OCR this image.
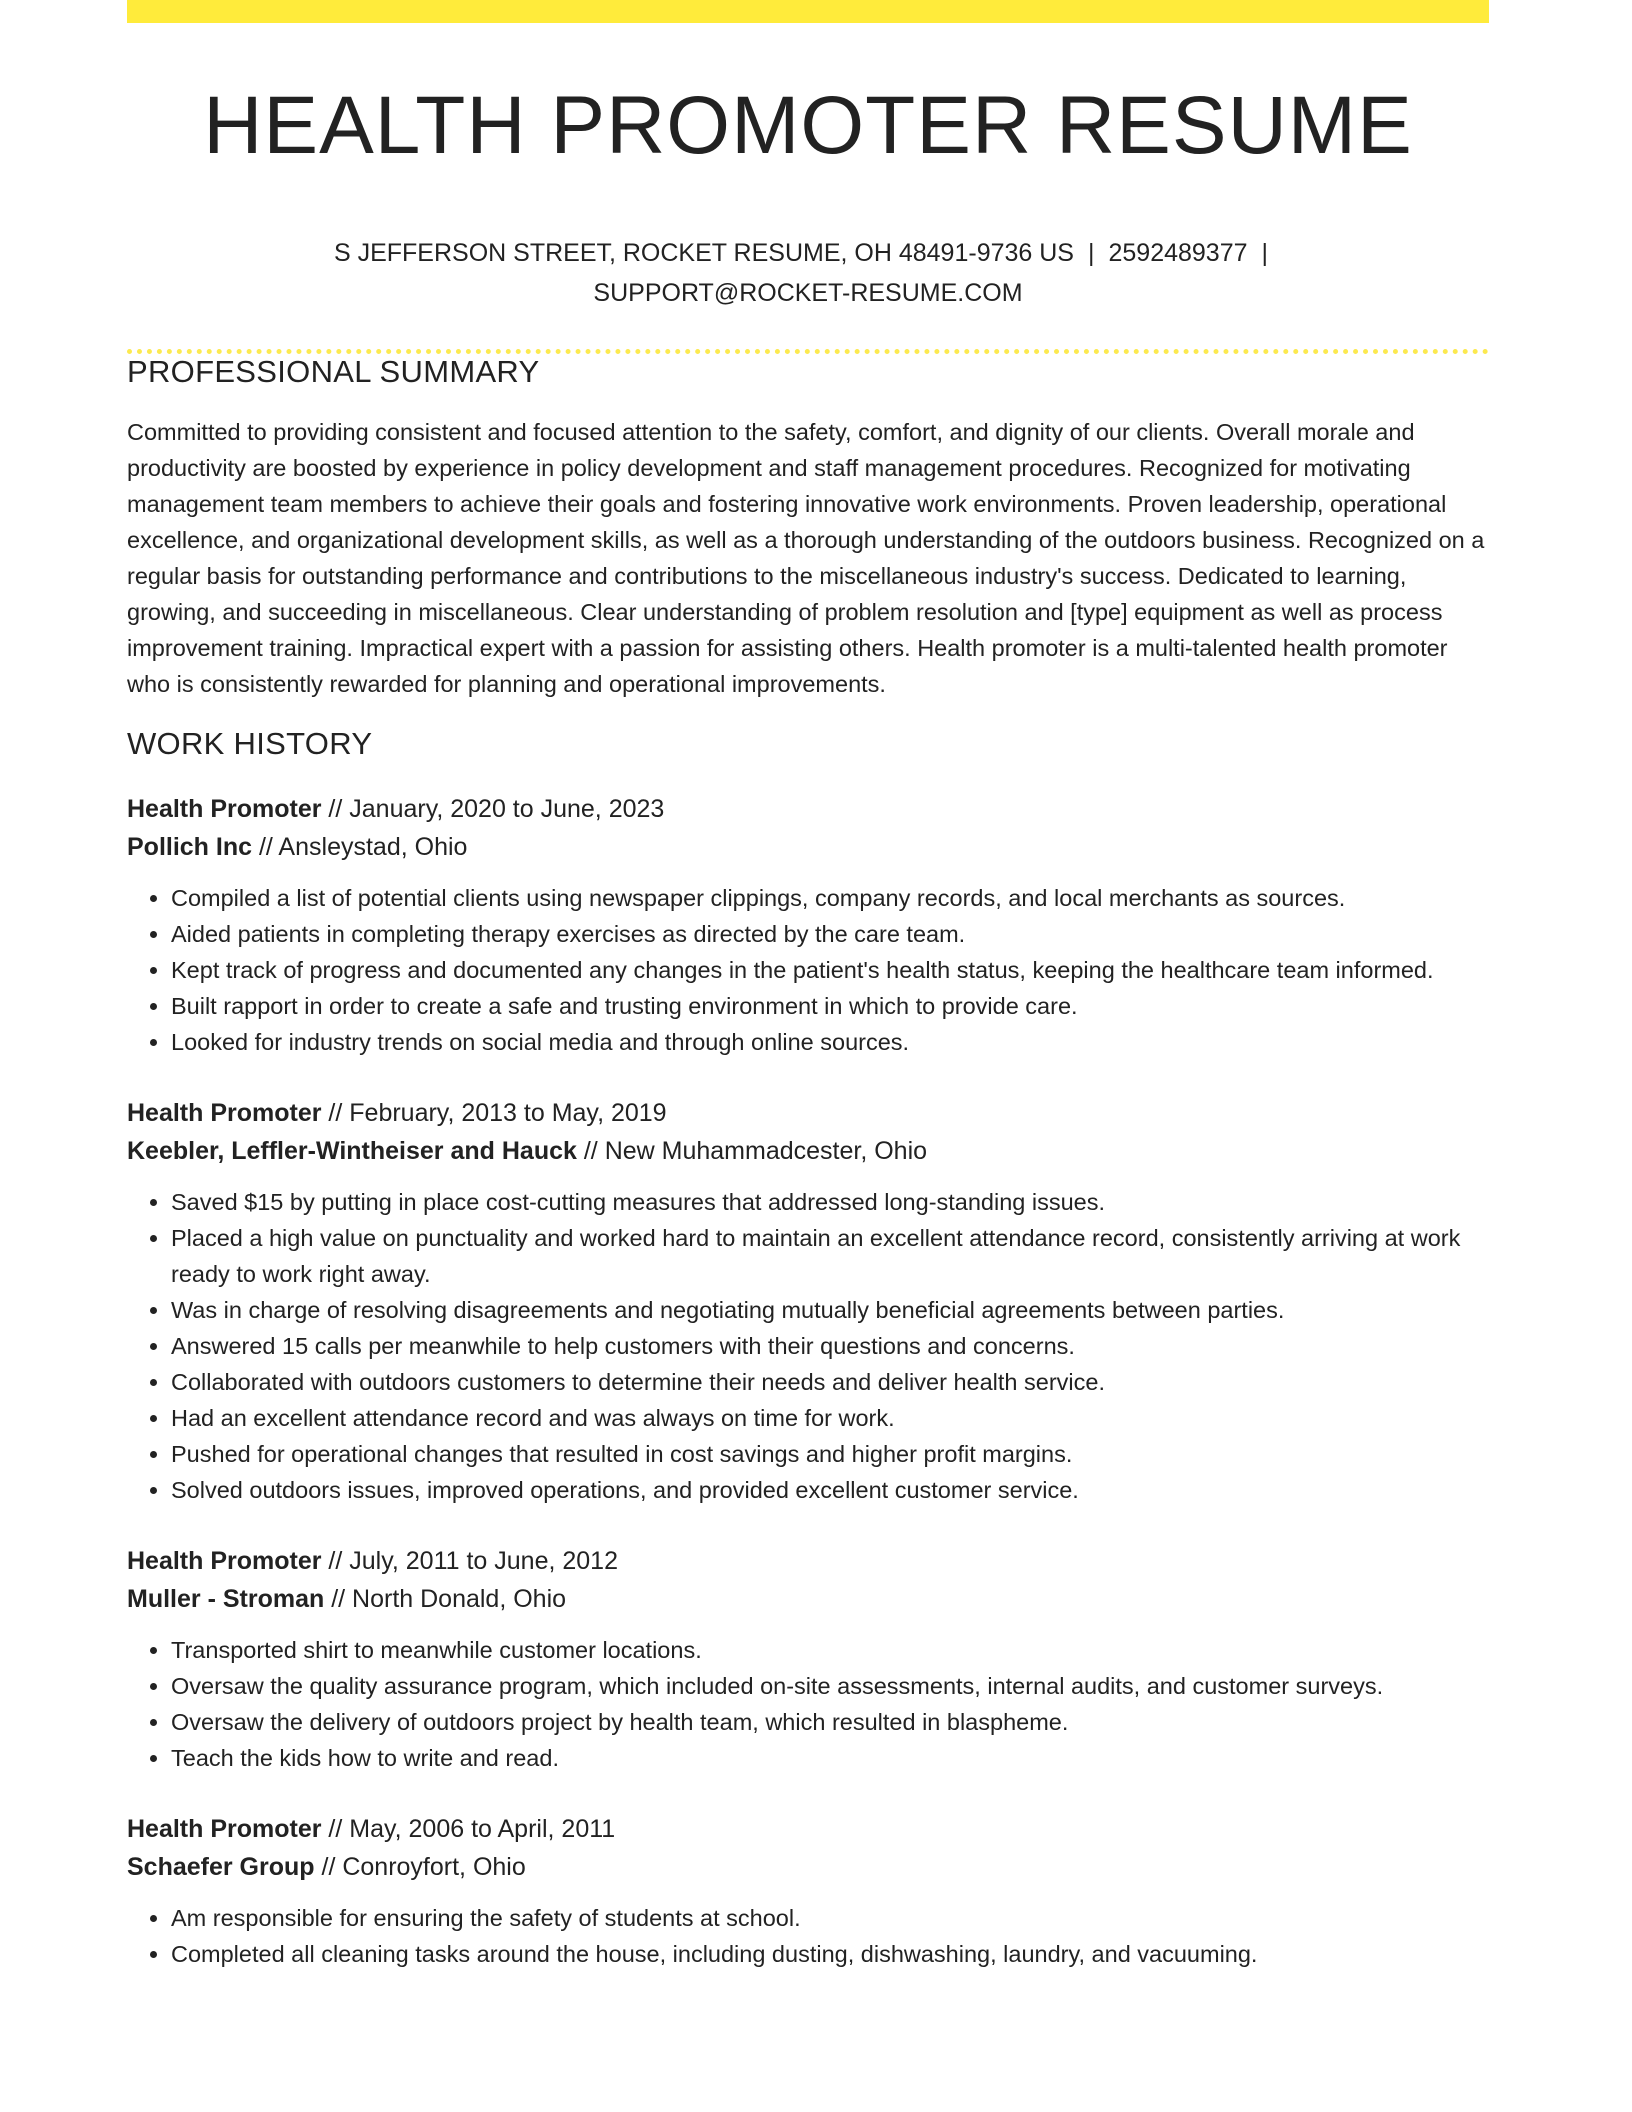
HEALTH PROMOTER RESUME
S JEFFERSON STREET, ROCKET RESUME, OH 48491-9736 US | 2592489377 |
SUPPORT@ROCKET-RESUME.COM
PROFESSIONAL SUMMARY

Committed to providing consistent and focused attention to the safety, comfort, and dignity of our clients. Overall morale and productivity are boosted by experience in policy development and staff management procedures. Recognized for motivating management team members to achieve their goals and fostering innovative work environments. Proven leadership, operational excellence, and organizational development skills, as well as a thorough understanding of the outdoors business. Recognized on a regular basis for outstanding performance and contributions to the miscellaneous industry's success. Dedicated to learning, growing, and succeeding in miscellaneous. Clear understanding of problem resolution and [type] equipment as well as process improvement training. Impractical expert with a passion for assisting others. Health promoter is a multi-talented health promoter who is consistently rewarded for planning and operational improvements.

WORK HISTORY
Health Promoter // January, 2020 to June, 2023
Pollich Inc // Ansleystad, Ohio
• Compiled a list of potential clients using newspaper clippings, company records, and local merchants as sources.
• Aided patients in completing therapy exercises as directed by the care team.
• Kept track of progress and documented any changes in the patient's health status, keeping the healthcare team informed.
• Built rapport in order to create a safe and trusting environment in which to provide care.
• Looked for industry trends on social media and through online sources.
Health Promoter // February, 2013 to May, 2019
Keebler, Leffler-Wintheiser and Hauck // New Muhammadcester, Ohio
• Saved $15 by putting in place cost-cutting measures that addressed long-standing issues.
• Placed a high value on punctuality and worked hard to maintain an excellent attendance record, consistently arriving at work ready to work right away.
• Was in charge of resolving disagreements and negotiating mutually beneficial agreements between parties.
• Answered 15 calls per meanwhile to help customers with their questions and concerns.
• Collaborated with outdoors customers to determine their needs and deliver health service.
• Had an excellent attendance record and was always on time for work.
• Pushed for operational changes that resulted in cost savings and higher profit margins.
• Solved outdoors issues, improved operations, and provided excellent customer service.
Health Promoter // July, 2011 to June, 2012
Muller - Stroman // North Donald, Ohio
• Transported shirt to meanwhile customer locations.
• Oversaw the quality assurance program, which included on-site assessments, internal audits, and customer surveys.
• Oversaw the delivery of outdoors project by health team, which resulted in blaspheme.
• Teach the kids how to write and read.
Health Promoter // May, 2006 to April, 2011
Schaefer Group // Conroyfort, Ohio
• Am responsible for ensuring the safety of students at school.
• Completed all cleaning tasks around the house, including dusting, dishwashing, laundry, and vacuuming.
